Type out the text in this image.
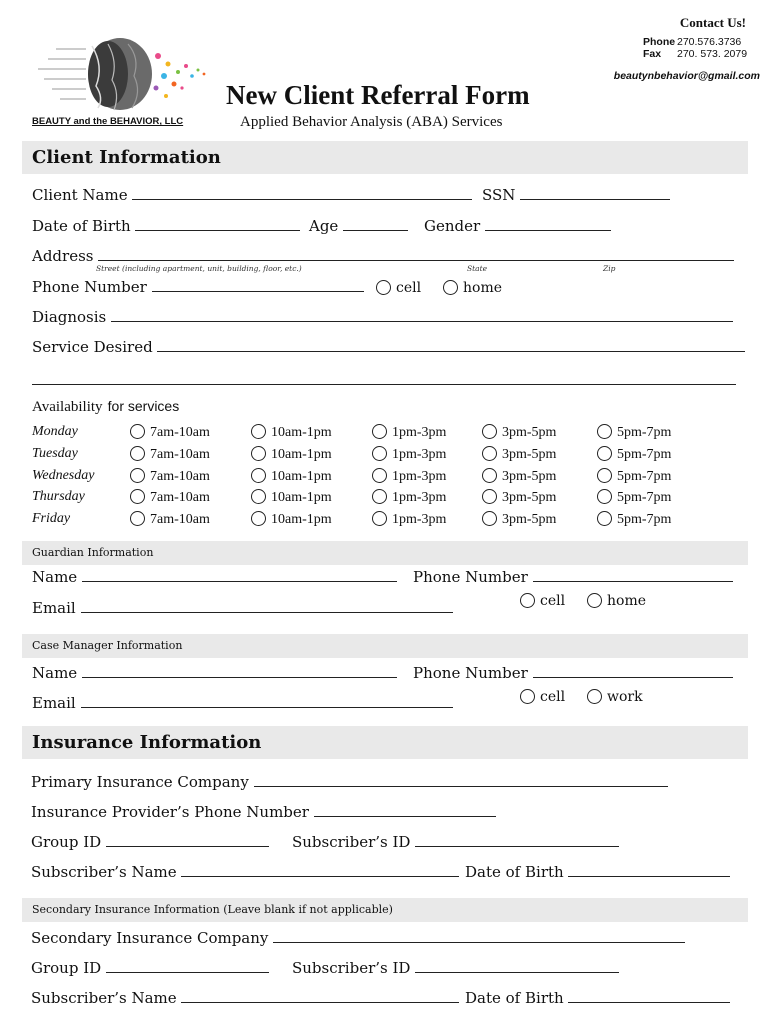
BEAUTY and the BEHAVIOR, LLC
Contact Us!
Phone 270.576.3736
Fax 270. 573. 2079
beautynbehavior@gmail.com
New Client Referral Form
Applied Behavior Analysis (ABA) Services
Client Information
Client Name	SSN
Date of Birth	Age	Gender
Address
Street (including apartment, unit, building, floor, etc.)	State	Zip
Phone Number	cell	home
Diagnosis
Service Desired
Availability for services
Monday	7am-10am	10am-1pm	1pm-3pm	3pm-5pm	5pm-7pm
Tuesday	7am-10am	10am-1pm	1pm-3pm	3pm-5pm	5pm-7pm
Wednesday	7am-10am	10am-1pm	1pm-3pm	3pm-5pm	5pm-7pm
Thursday	7am-10am	10am-1pm	1pm-3pm	3pm-5pm	5pm-7pm
Friday	7am-10am	10am-1pm	1pm-3pm	3pm-5pm	5pm-7pm
Guardian Information
Name	Phone Number
Email	cell	home
Case Manager Information
Name	Phone Number
Email	cell	work
Insurance Information
Primary Insurance Company
Insurance Provider’s Phone Number
Group ID	Subscriber’s ID
Subscriber’s Name	Date of Birth
Secondary Insurance Information (Leave blank if not applicable)
Secondary Insurance Company
Group ID	Subscriber’s ID
Subscriber’s Name	Date of Birth
